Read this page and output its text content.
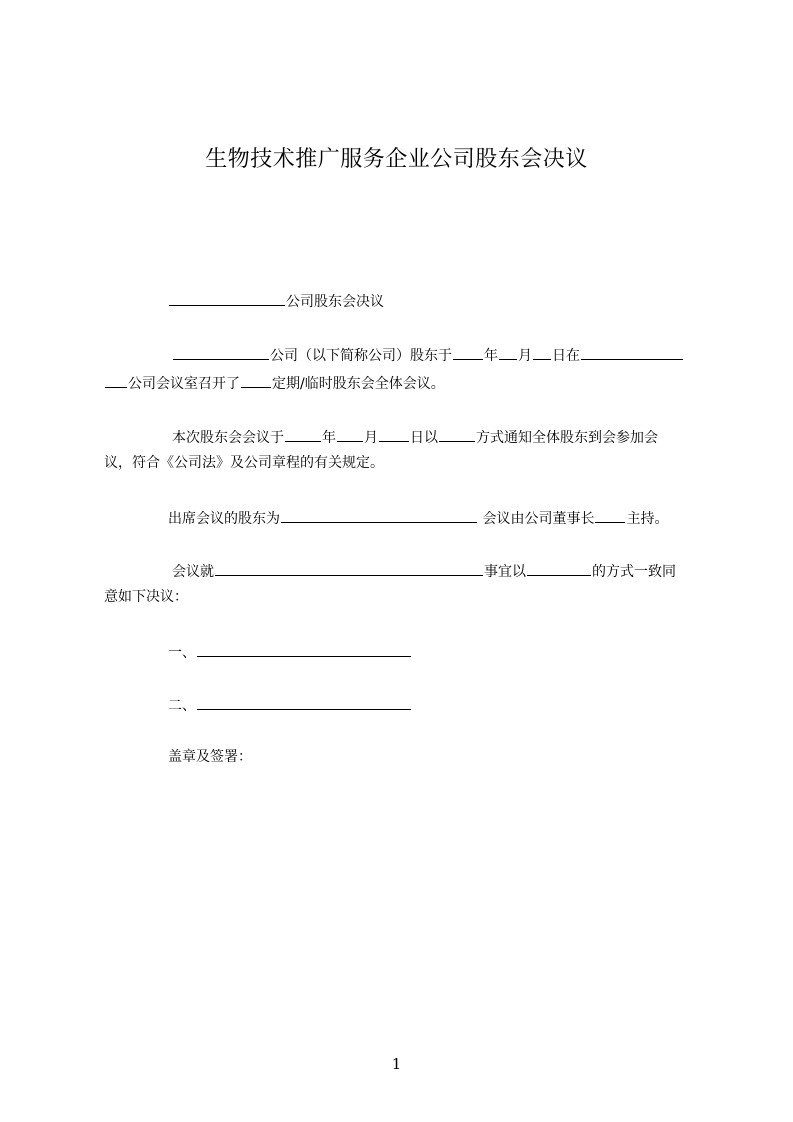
生物技术推广服务企业公司股东会决议
公司股东会决议
公司（以下简称公司）股东于 年 月 日在
公司会议室召开了 定期/临时股东会全体会议。
本次股东会会议于	年 月 日以	方式通知全体股东到会参加会
议，符合《公司法》及公司章程的有关规定。
出席会议的股东为	会议由公司董事长 主持。
会议就	事宜以	的方式一致同
意如下决议：
一、
二、
盖章及签署：
1
